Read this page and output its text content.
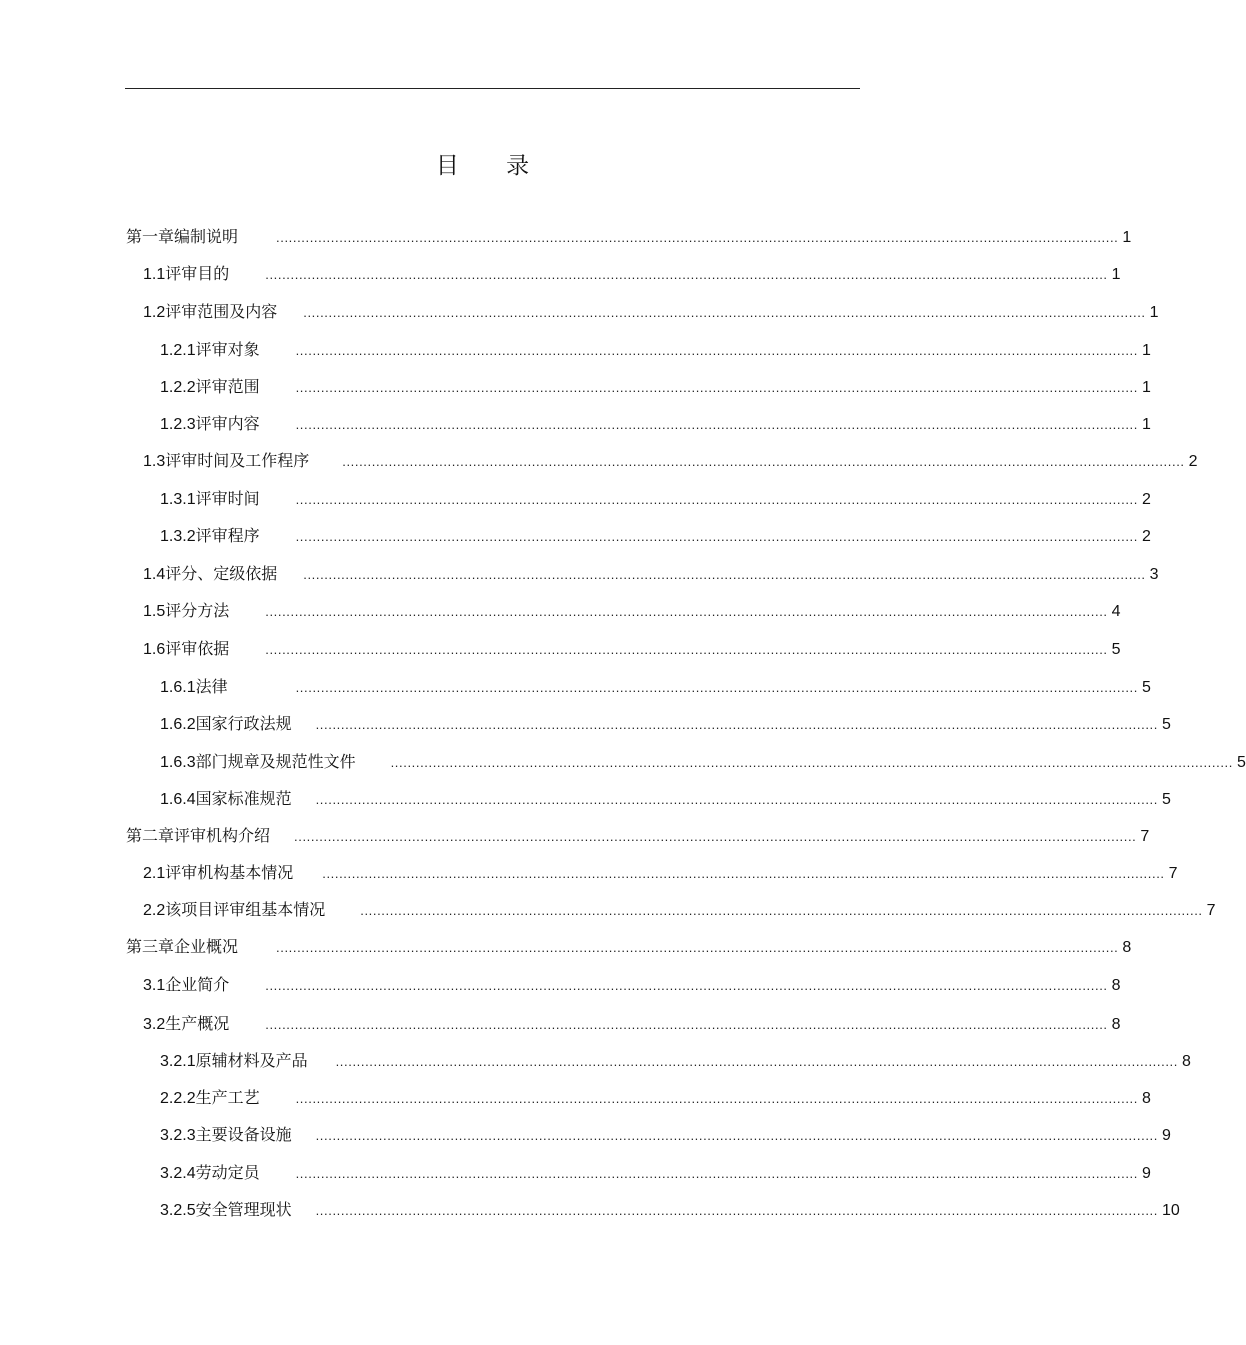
目 录
第一章 编制说明	........................................................................................................................................................................................................ 1
1.1 评审目的	........................................................................................................................................................................................................ 1
1.2 评审范围及内容	........................................................................................................................................................................................................ 1
1.2.1 评审对象	........................................................................................................................................................................................................ 1
1.2.2 评审范围	........................................................................................................................................................................................................ 1
1.2.3 评审内容	........................................................................................................................................................................................................ 1
1.3 评审时间及工作程序	........................................................................................................................................................................................................ 2
1.3.1 评审时间	........................................................................................................................................................................................................ 2
1.3.2 评审程序	........................................................................................................................................................................................................ 2
1.4 评分、定级依据	........................................................................................................................................................................................................ 3
1.5 评分方法	........................................................................................................................................................................................................ 4
1.6 评审依据	........................................................................................................................................................................................................ 5
1.6.1 法律	........................................................................................................................................................................................................ 5
1.6.2 国家行政法规	........................................................................................................................................................................................................ 5
1.6.3 部门规章及规范性文件	........................................................................................................................................................................................................ 5
1.6.4 国家标准规范	........................................................................................................................................................................................................ 5
第二章 评审机构介绍	........................................................................................................................................................................................................ 7
2.1 评审机构基本情况	........................................................................................................................................................................................................ 7
2.2 该项目评审组基本情况	........................................................................................................................................................................................................ 7
第三章 企业概况	........................................................................................................................................................................................................ 8
3.1 企业简介	........................................................................................................................................................................................................ 8
3.2 生产概况	........................................................................................................................................................................................................ 8
3.2.1 原辅材料及产品	........................................................................................................................................................................................................ 8
2.2.2 生产工艺	........................................................................................................................................................................................................ 8
3.2.3 主要设备设施	........................................................................................................................................................................................................ 9
3.2.4 劳动定员	........................................................................................................................................................................................................ 9
3.2.5 安全管理现状	........................................................................................................................................................................................................ 10
